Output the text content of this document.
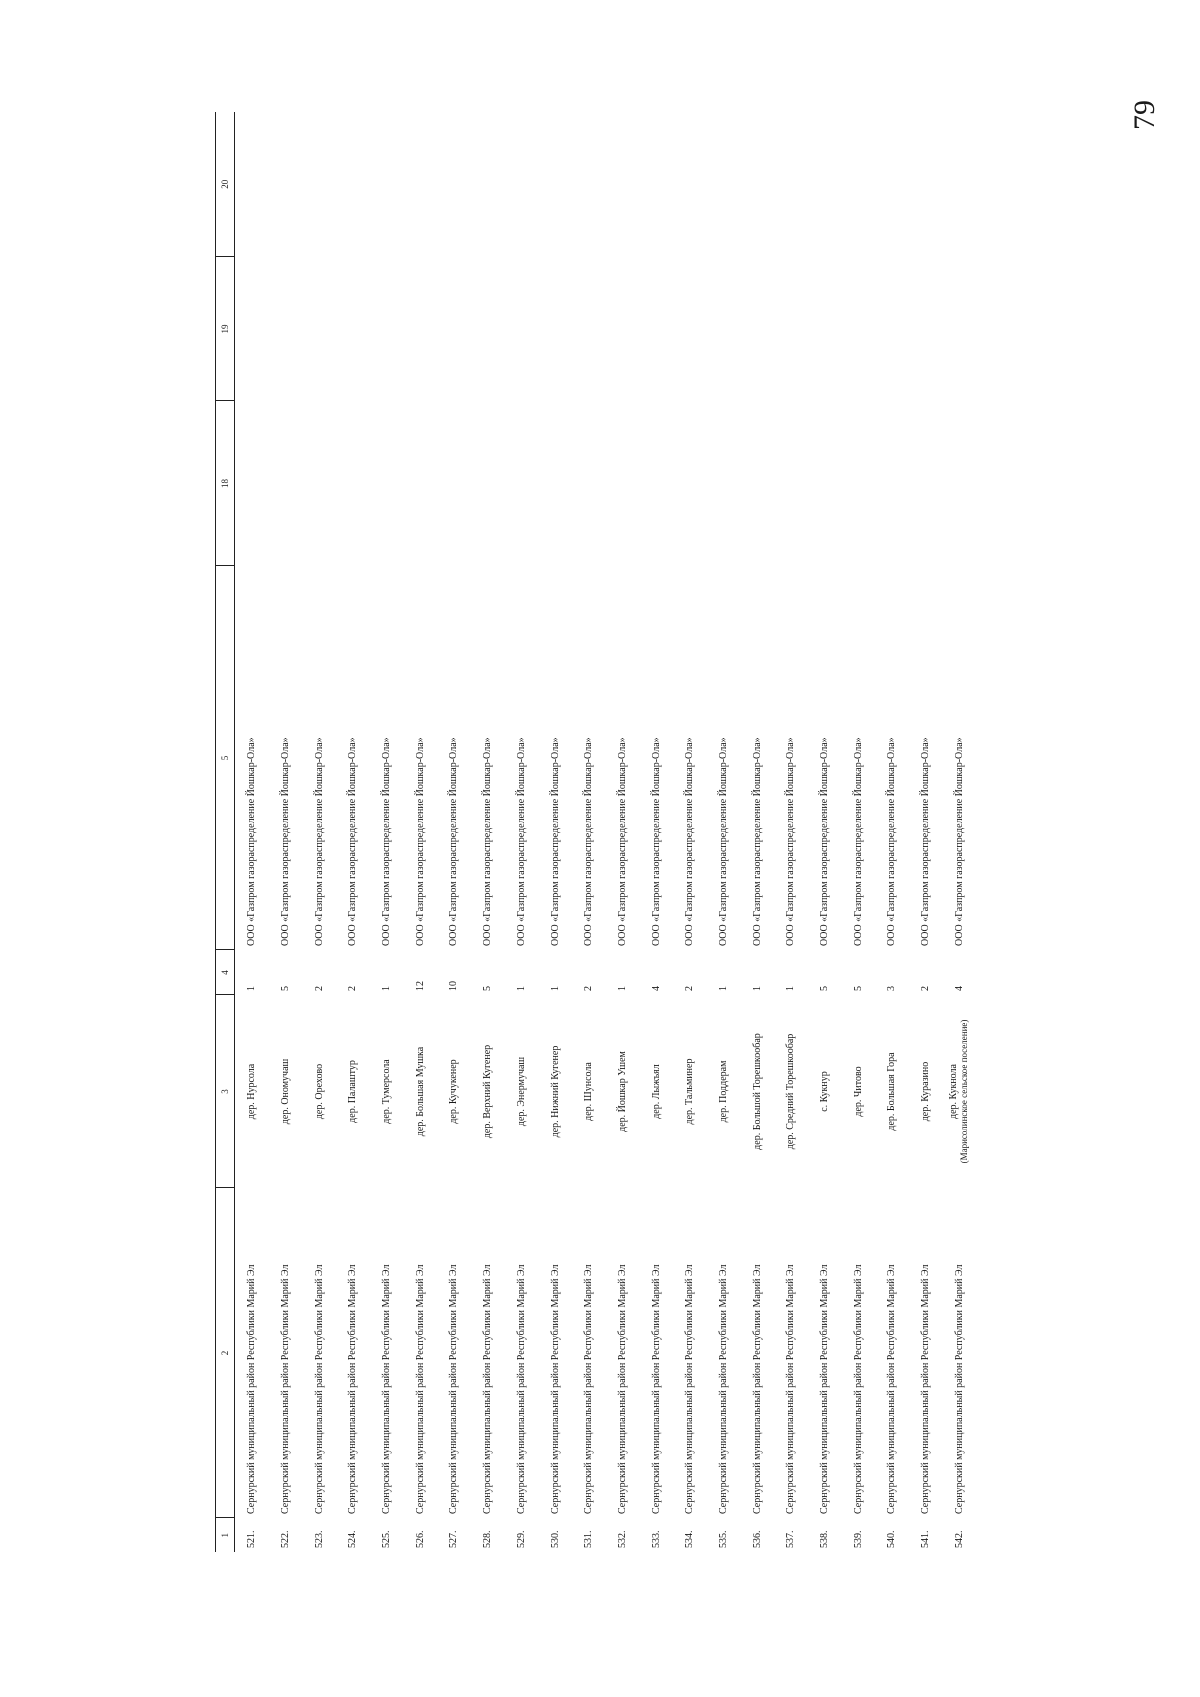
79
1	2	3	4	5	18	19	20
521.	Сернурский муниципальный район Республики Марий Эл	дер. Нурсола	1	ООО «Газпром газораспределение Йошкар-Ола»			
522.	Сернурский муниципальный район Республики Марий Эл	дер. Ономучаш	5	ООО «Газпром газораспределение Йошкар-Ола»			
523.	Сернурский муниципальный район Республики Марий Эл	дер. Орехово	2	ООО «Газпром газораспределение Йошкар-Ола»			
524.	Сернурский муниципальный район Республики Марий Эл	дер. Палаштур	2	ООО «Газпром газораспределение Йошкар-Ола»			
525.	Сернурский муниципальный район Республики Марий Эл	дер. Тумерсола	1	ООО «Газпром газораспределение Йошкар-Ола»			
526.	Сернурский муниципальный район Республики Марий Эл	дер. Большая Мушка	12	ООО «Газпром газораспределение Йошкар-Ола»			
527.	Сернурский муниципальный район Республики Марий Эл	дер. Кучукенер	10	ООО «Газпром газораспределение Йошкар-Ола»			
528.	Сернурский муниципальный район Республики Марий Эл	дер. Верхний Кугенер	5	ООО «Газпром газораспределение Йошкар-Ола»			
529.	Сернурский муниципальный район Республики Марий Эл	дер. Энермучаш	1	ООО «Газпром газораспределение Йошкар-Ола»			
530.	Сернурский муниципальный район Республики Марий Эл	дер. Нижний Кугенер	1	ООО «Газпром газораспределение Йошкар-Ола»			
531.	Сернурский муниципальный район Республики Марий Эл	дер. Шунсола	2	ООО «Газпром газораспределение Йошкар-Ола»			
532.	Сернурский муниципальный район Республики Марий Эл	дер. Йошкар Ушем	1	ООО «Газпром газораспределение Йошкар-Ола»			
533.	Сернурский муниципальный район Республики Марий Эл	дер. Лыжъял	4	ООО «Газпром газораспределение Йошкар-Ола»			
534.	Сернурский муниципальный район Республики Марий Эл	дер. Тальминер	2	ООО «Газпром газораспределение Йошкар-Ола»			
535.	Сернурский муниципальный район Республики Марий Эл	дер. Поддерам	1	ООО «Газпром газораспределение Йошкар-Ола»			
536.	Сернурский муниципальный район Республики Марий Эл	дер. Большой Торешкообар	1	ООО «Газпром газораспределение Йошкар-Ола»			
537.	Сернурский муниципальный район Республики Марий Эл	дер. Средний Торешкообар	1	ООО «Газпром газораспределение Йошкар-Ола»			
538.	Сернурский муниципальный район Республики Марий Эл	с. Кукнур	5	ООО «Газпром газораспределение Йошкар-Ола»			
539.	Сернурский муниципальный район Республики Марий Эл	дер. Читово	5	ООО «Газпром газораспределение Йошкар-Ола»			
540.	Сернурский муниципальный район Республики Марий Эл	дер. Большая Гора	3	ООО «Газпром газораспределение Йошкар-Ола»			
541.	Сернурский муниципальный район Республики Марий Эл	дер. Куразино	2	ООО «Газпром газораспределение Йошкар-Ола»			
542.	Сернурский муниципальный район Республики Марий Эл	дер. Кукнола (Марисолинское сельское поселение)	4	ООО «Газпром газораспределение Йошкар-Ола»			
